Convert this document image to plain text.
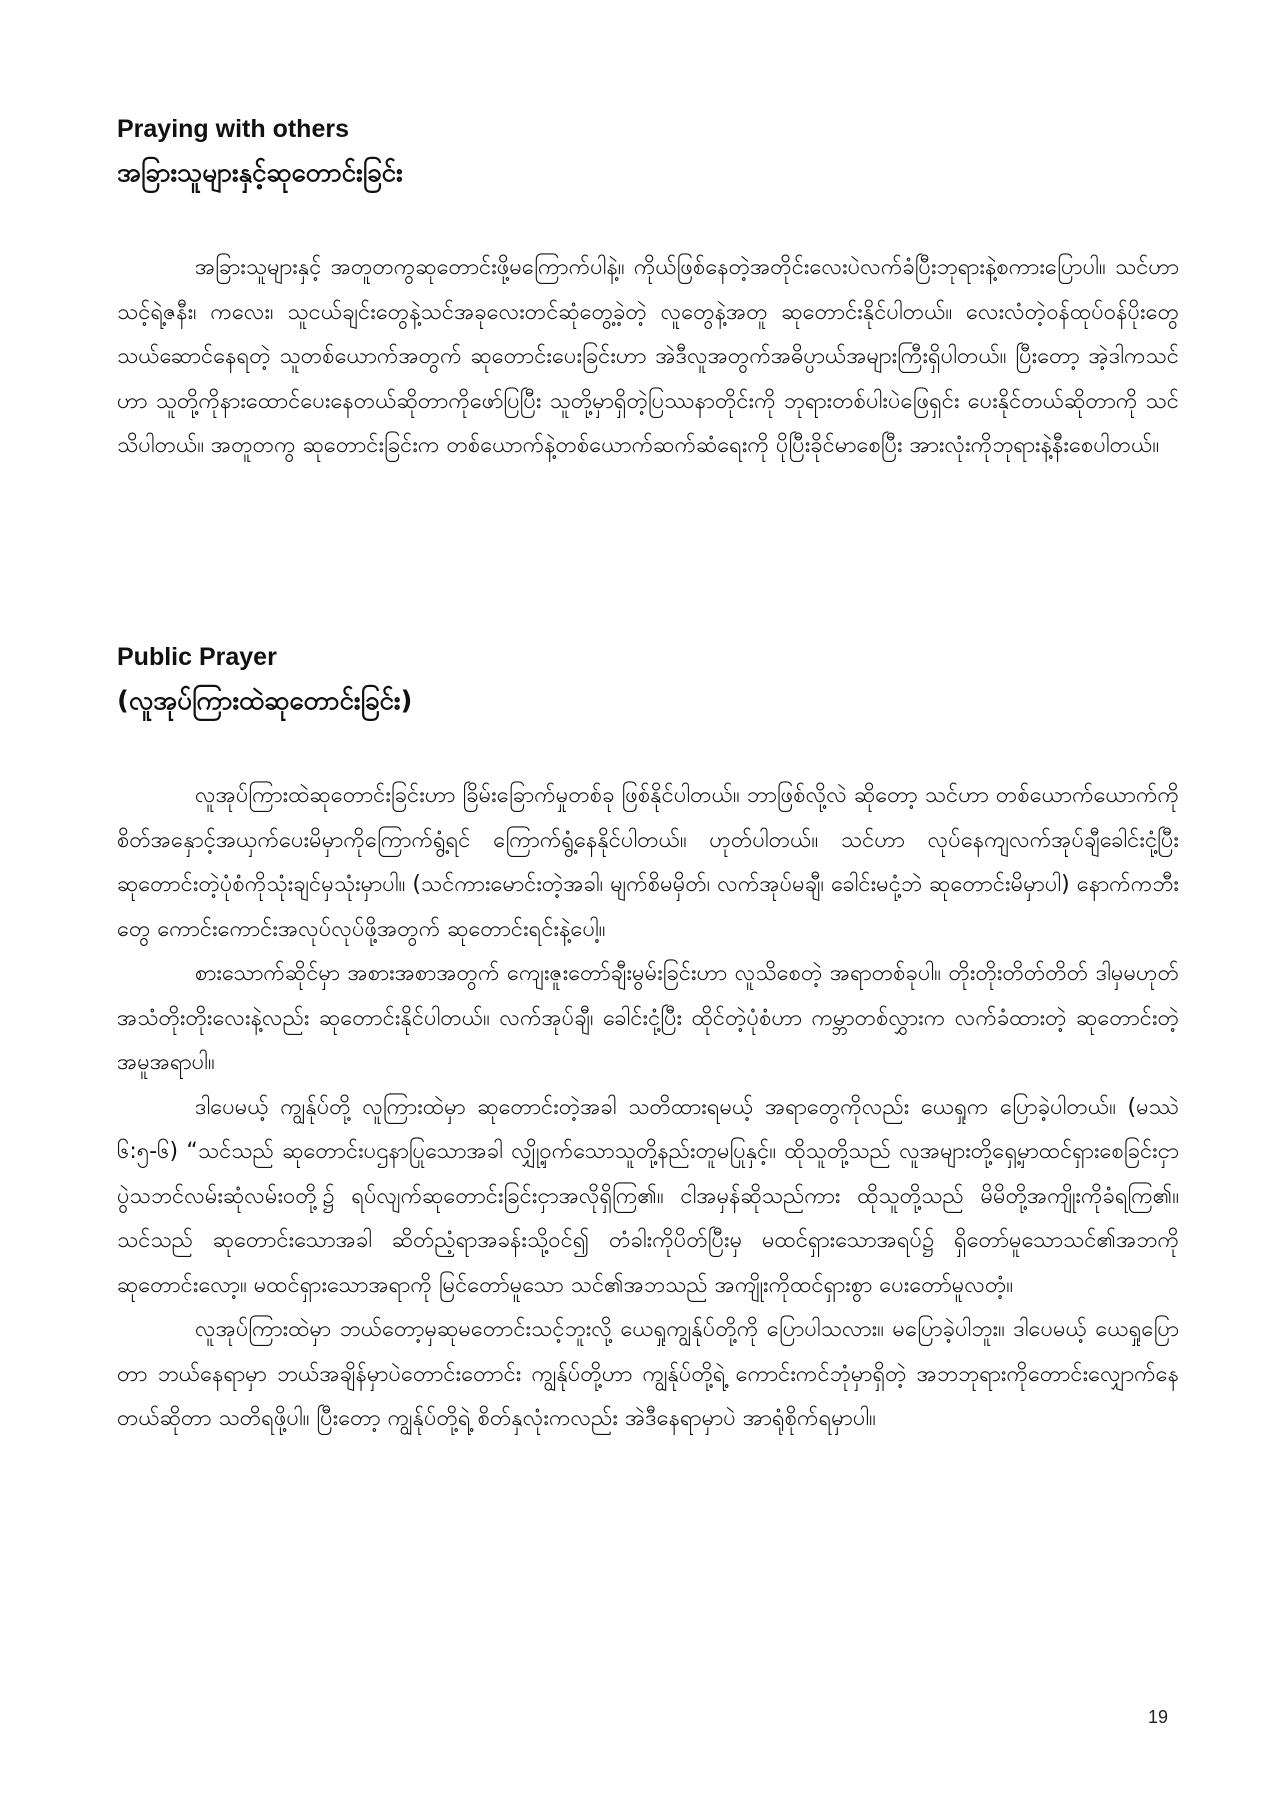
Praying with others
အခြားသူများနှင့်ဆုတောင်းခြင်း

အခြားသူများနှင့် အတူတကွဆုတောင်းဖို့မကြောက်ပါနဲ့။ ကိုယ်ဖြစ်နေတဲ့အတိုင်းလေးပဲလက်ခံပြီးဘုရားနဲ့စကားပြောပါ။ သင်ဟာသင့်ရဲ့ဇနီး၊ ကလေး၊ သူငယ်ချင်းတွေနဲ့သင်အခုလေးတင်ဆုံတွေ့ခဲ့တဲ့ လူတွေနဲ့အတူ ဆုတောင်းနိုင်ပါတယ်။ လေးလံတဲ့ဝန်ထုပ်ဝန်ပိုးတွေ သယ်ဆောင်နေရတဲ့ သူတစ်ယောက်အတွက် ဆုတောင်းပေးခြင်းဟာ အဲဒီလူအတွက်အဓိပ္ပာယ်အများကြီးရှိပါတယ်။ ပြီးတော့ အဲ့ဒါကသင်ဟာ သူတို့ကိုနားထောင်ပေးနေတယ်ဆိုတာကိုဖော်ပြပြီး သူတို့မှာရှိတဲ့ပြဿနာတိုင်းကို ဘုရားတစ်ပါးပဲဖြေရှင်း ပေးနိုင်တယ်ဆိုတာကို သင်သိပါတယ်။ အတူတကွ ဆုတောင်းခြင်းက တစ်ယောက်နဲ့တစ်ယောက်ဆက်ဆံရေးကို ပိုပြီးခိုင်မာစေပြီး အားလုံးကိုဘုရားနဲ့နီးစေပါတယ်။

Public Prayer
(လူအုပ်ကြားထဲဆုတောင်းခြင်း)

လူအုပ်ကြားထဲဆုတောင်းခြင်းဟာ ခြိမ်းခြောက်မှုတစ်ခု ဖြစ်နိုင်ပါတယ်။ ဘာဖြစ်လို့လဲ ဆိုတော့ သင်ဟာ တစ်ယောက်ယောက်ကို စိတ်အနှောင့်အယှက်ပေးမိမှာကိုကြောက်ရွံ့ရင် ကြောက်ရွံ့နေနိုင်ပါတယ်။ ဟုတ်ပါတယ်။ သင်ဟာ လုပ်နေကျလက်အုပ်ချီခေါင်းငုံ့ပြီး ဆုတောင်းတဲ့ပုံစံကိုသုံးချင်မှသုံးမှာပါ။ (သင်ကားမောင်းတဲ့အခါ၊ မျက်စိမမှိတ်၊ လက်အုပ်မချီ၊ ခေါင်းမငုံ့ဘဲ ဆုတောင်းမိမှာပါ) နောက်ကဘီးတွေ ကောင်းကောင်းအလုပ်လုပ်ဖို့အတွက် ဆုတောင်းရင်းနဲ့ပေါ့။

စားသောက်ဆိုင်မှာ အစားအစာအတွက် ကျေးဇူးတော်ချီးမွမ်းခြင်းဟာ လူသိစေတဲ့ အရာတစ်ခုပါ။ တိုးတိုးတိတ်တိတ် ဒါမှမဟုတ် အသံတိုးတိုးလေးနဲ့လည်း ဆုတောင်းနိုင်ပါတယ်။ လက်အုပ်ချီ၊ ခေါင်းငုံ့ပြီး ထိုင်တဲ့ပုံစံဟာ ကမ္ဘာတစ်လွှားက လက်ခံထားတဲ့ ဆုတောင်းတဲ့အမူအရာပါ။

ဒါပေမယ့် ကျွန်ုပ်တို့ လူကြားထဲမှာ ဆုတောင်းတဲ့အခါ သတိထားရမယ့် အရာတွေကိုလည်း ယေရှုက ပြောခဲ့ပါတယ်။ (မဿဲ ၆:၅-၆) “သင်သည် ဆုတောင်းပဌနာပြုသောအခါ လျှို့ဝှက်သောသူတို့နည်းတူမပြုနှင့်။ ထိုသူတို့သည် လူအများတို့ရှေ့မှာထင်ရှားစေခြင်းငှာ ပွဲသဘင်လမ်းဆုံလမ်းဝတို့၌ ရပ်လျက်ဆုတောင်းခြင်းငှာအလိုရှိကြ၏။ ငါအမှန်ဆိုသည်ကား ထိုသူတို့သည် မိမိတို့အကျိုးကိုခံရကြ၏။ သင်သည် ဆုတောင်းသောအခါ ဆိတ်ညံ့ရာအခန်းသို့ဝင်၍ တံခါးကိုပိတ်ပြီးမှ မထင်ရှားသောအရပ်၌ ရှိတော်မူသောသင်၏အဘကို ဆုတောင်းလော့။ မထင်ရှားသောအရာကို မြင်တော်မူသော သင်၏အဘသည် အကျိုးကိုထင်ရှားစွာ ပေးတော်မူလတံ့။

လူအုပ်ကြားထဲမှာ ဘယ်တော့မှဆုမတောင်းသင့်ဘူးလို့ ယေရှုကျွန်ုပ်တို့ကို ပြောပါသလား။ မပြောခဲ့ပါဘူး။ ဒါပေမယ့် ယေရှုပြောတာ ဘယ်နေရာမှာ ဘယ်အချိန်မှာပဲတောင်းတောင်း ကျွန်ုပ်တို့ဟာ ကျွန်ုပ်တို့ရဲ့ ကောင်းကင်ဘုံမှာရှိတဲ့ အဘဘုရားကိုတောင်းလျှောက်နေတယ်ဆိုတာ သတိရဖို့ပါ။ ပြီးတော့ ကျွန်ုပ်တို့ရဲ့ စိတ်နှလုံးကလည်း အဲဒီနေရာမှာပဲ အာရုံစိုက်ရမှာပါ။

19
